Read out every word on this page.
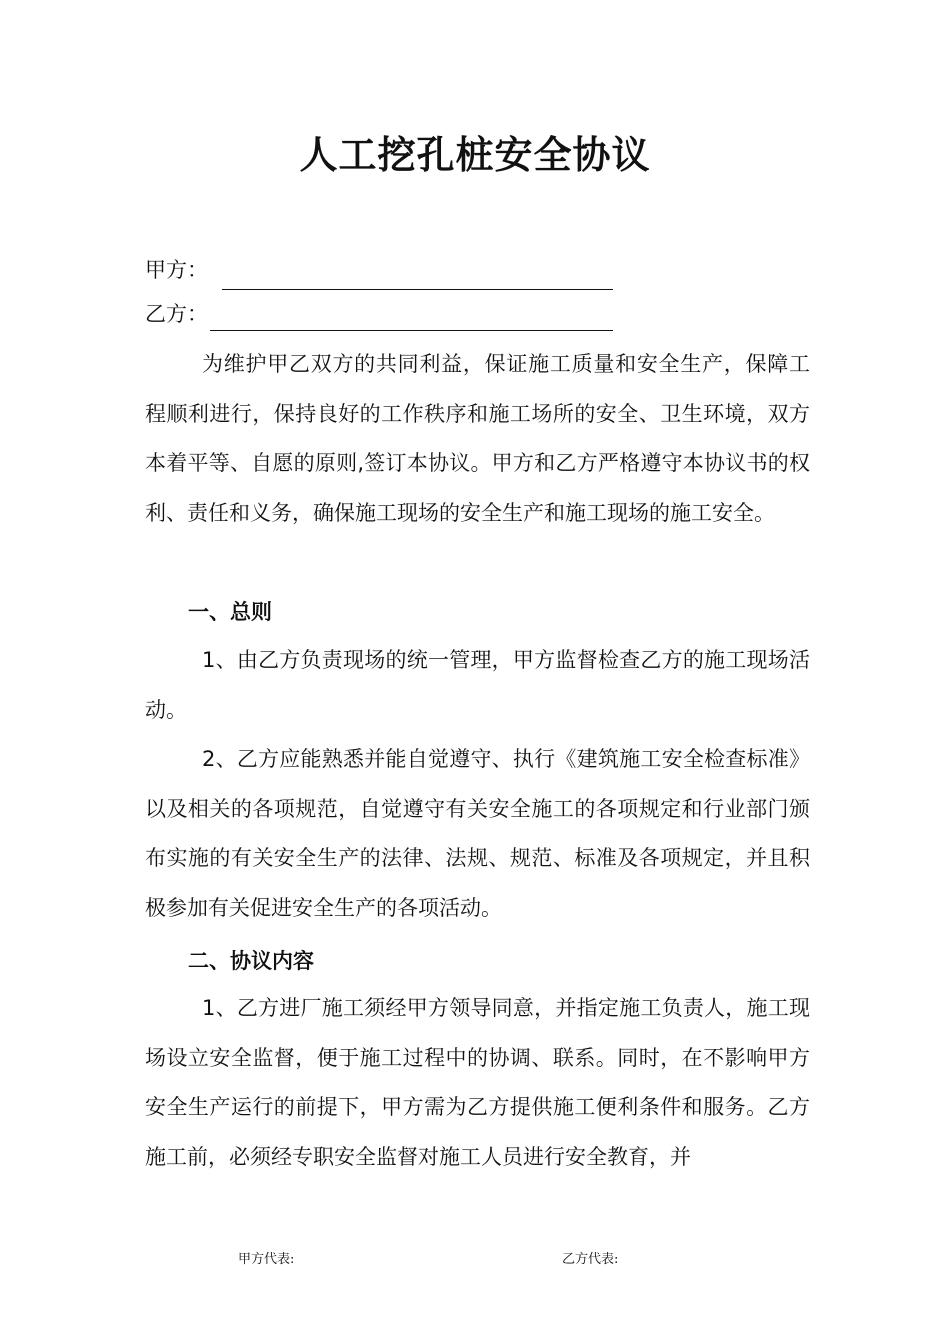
人工挖孔桩安全协议
甲方：
乙方：

为维护甲乙双方的共同利益，保证施工质量和安全生产，保障工程顺利进行，保持良好的工作秩序和施工场所的安全、卫生环境，双方本着平等、自愿的原则,签订本协议。甲方和乙方严格遵守本协议书的权利、责任和义务，确保施工现场的安全生产和施工现场的施工安全。

一、总则

1、由乙方负责现场的统一管理，甲方监督检查乙方的施工现场活动。

2、乙方应能熟悉并能自觉遵守、执行《建筑施工安全检查标准》以及相关的各项规范，自觉遵守有关安全施工的各项规定和行业部门颁布实施的有关安全生产的法律、法规、规范、标准及各项规定，并且积极参加有关促进安全生产的各项活动。

二、协议内容

1、乙方进厂施工须经甲方领导同意，并指定施工负责人，施工现场设立安全监督，便于施工过程中的协调、联系。同时，在不影响甲方安全生产运行的前提下，甲方需为乙方提供施工便利条件和服务。乙方施工前，必须经专职安全监督对施工人员进行安全教育，并

甲方代表:	乙方代表:
